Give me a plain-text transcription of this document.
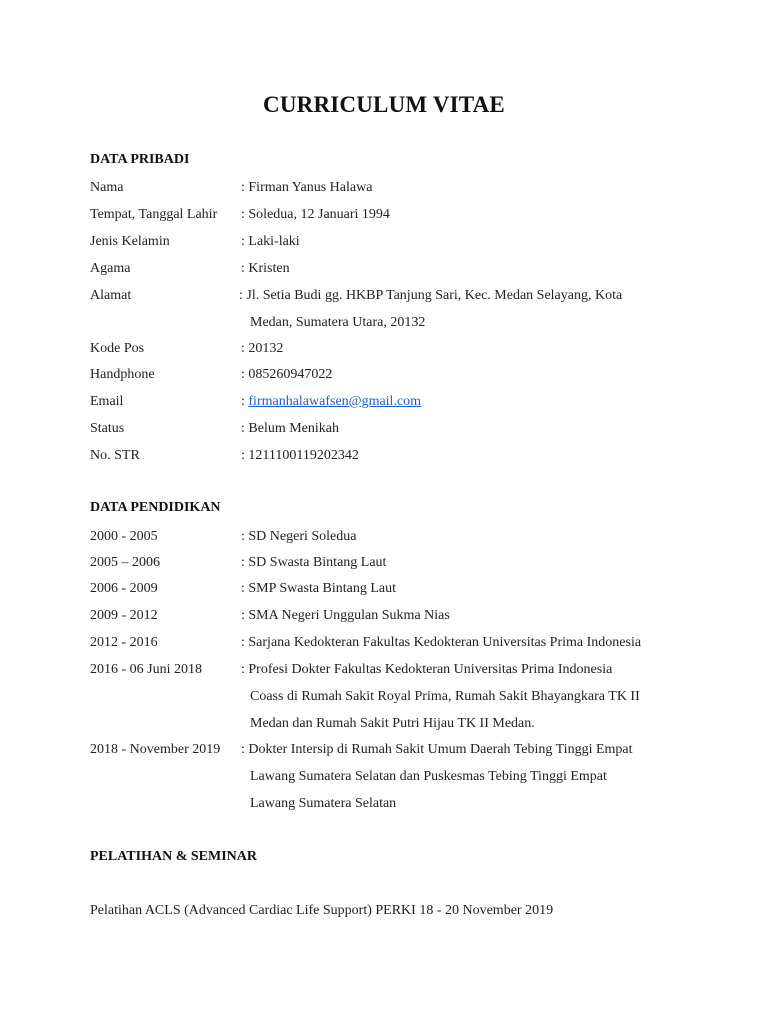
CURRICULUM VITAE
DATA PRIBADI
Nama	: Firman Yanus Halawa
Tempat, Tanggal Lahir : Soledua, 12 Januari 1994
Jenis Kelamin	: Laki-laki
Agama	: Kristen
Alamat	: Jl. Setia Budi gg. HKBP Tanjung Sari, Kec. Medan Selayang, Kota
Medan, Sumatera Utara, 20132
Kode Pos	: 20132
Handphone	: 085260947022
Email	: firmanhalawafsen@gmail.com
Status	: Belum Menikah
No. STR	: 1211100119202342
DATA PENDIDIKAN
2000 - 2005	: SD Negeri Soledua
2005 – 2006	: SD Swasta Bintang Laut
2006 - 2009	: SMP Swasta Bintang Laut
2009 - 2012	: SMA Negeri Unggulan Sukma Nias
2012 - 2016	: Sarjana Kedokteran Fakultas Kedokteran Universitas Prima Indonesia
2016 - 06 Juni 2018	: Profesi Dokter Fakultas Kedokteran Universitas Prima Indonesia
Coass di Rumah Sakit Royal Prima, Rumah Sakit Bhayangkara TK II
Medan dan Rumah Sakit Putri Hijau TK II Medan.
2018 - November 2019 : Dokter Intersip di Rumah Sakit Umum Daerah Tebing Tinggi Empat
Lawang Sumatera Selatan dan Puskesmas Tebing Tinggi Empat
Lawang Sumatera Selatan
PELATIHAN & SEMINAR
Pelatihan ACLS (Advanced Cardiac Life Support) PERKI 18 - 20 November 2019
